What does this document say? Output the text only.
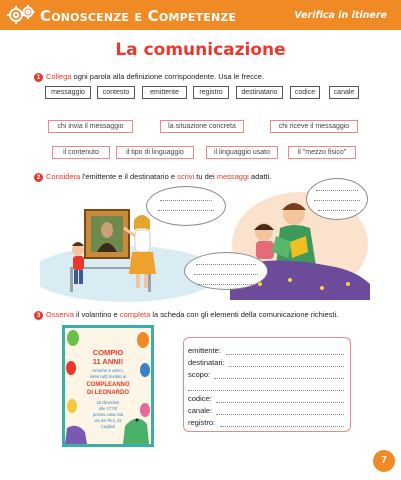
Conoscenze e Competenze	Verifica in itinere
La comunicazione
1 Collega ogni parola alla definizione corrispondente. Usa le frecce.
messaggio	contesto	emittente	registro	destinatario	codice	canale
chi invia il messaggio	la situazione concreta	chi riceve il messaggio
il contenuto	il tipo di linguaggio	il linguaggio usato	il "mezzo fisico"
2 Considera l'emittente e il destinatario e scrivi tu dei messaggi adatti.
3 Osserva il volantino e completa la scheda con gli elementi della comunicazione richiesti.
COMPIO
11 ANNI!
Amiche e amici,
siete tutti invitati al
COMPLEANNO
DI LEONARDO
15 dicembre
alle 17:00
presso casa mia
via dei Pini, 32
Cagliari
emittente:
destinatari:
scopo:
codice:
canale:
registro:
7
